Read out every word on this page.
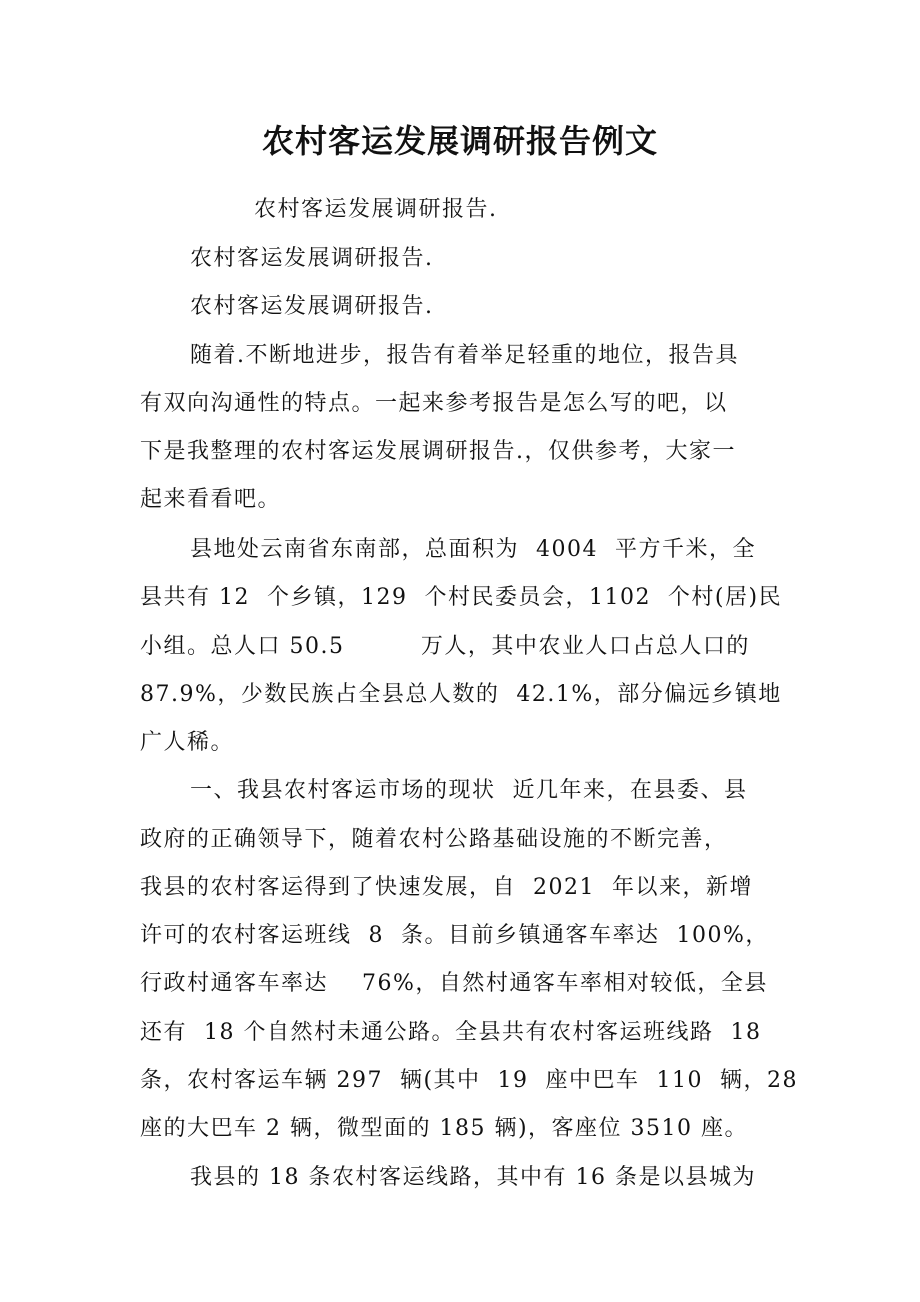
农村客运发展调研报告例文
农村客运发展调研报告.
农村客运发展调研报告.
农村客运发展调研报告.
随着.不断地进步，报告有着举足轻重的地位，报告具
有双向沟通性的特点。一起来参考报告是怎么写的吧，以
下是我整理的农村客运发展调研报告.，仅供参考，大家一
起来看看吧。
县地处云南省东南部，总面积为  4004  平方千米，全
县共有 12  个乡镇，129  个村民委员会，1102  个村(居)民
小组。总人口 50.5         万人，其中农业人口占总人口的
87.9%，少数民族占全县总人数的  42.1%，部分偏远乡镇地
广人稀。
一、我县农村客运市场的现状  近几年来，在县委、县
政府的正确领导下，随着农村公路基础设施的不断完善，
我县的农村客运得到了快速发展，自  2021  年以来，新增
许可的农村客运班线  8  条。目前乡镇通客车率达  100%，
行政村通客车率达    76%，自然村通客车率相对较低，全县
还有  18 个自然村未通公路。全县共有农村客运班线路  18
条，农村客运车辆 297  辆(其中  19  座中巴车  110  辆，28
座的大巴车 2 辆，微型面的 185 辆)，客座位 3510 座。
我县的 18 条农村客运线路，其中有 16 条是以县城为
